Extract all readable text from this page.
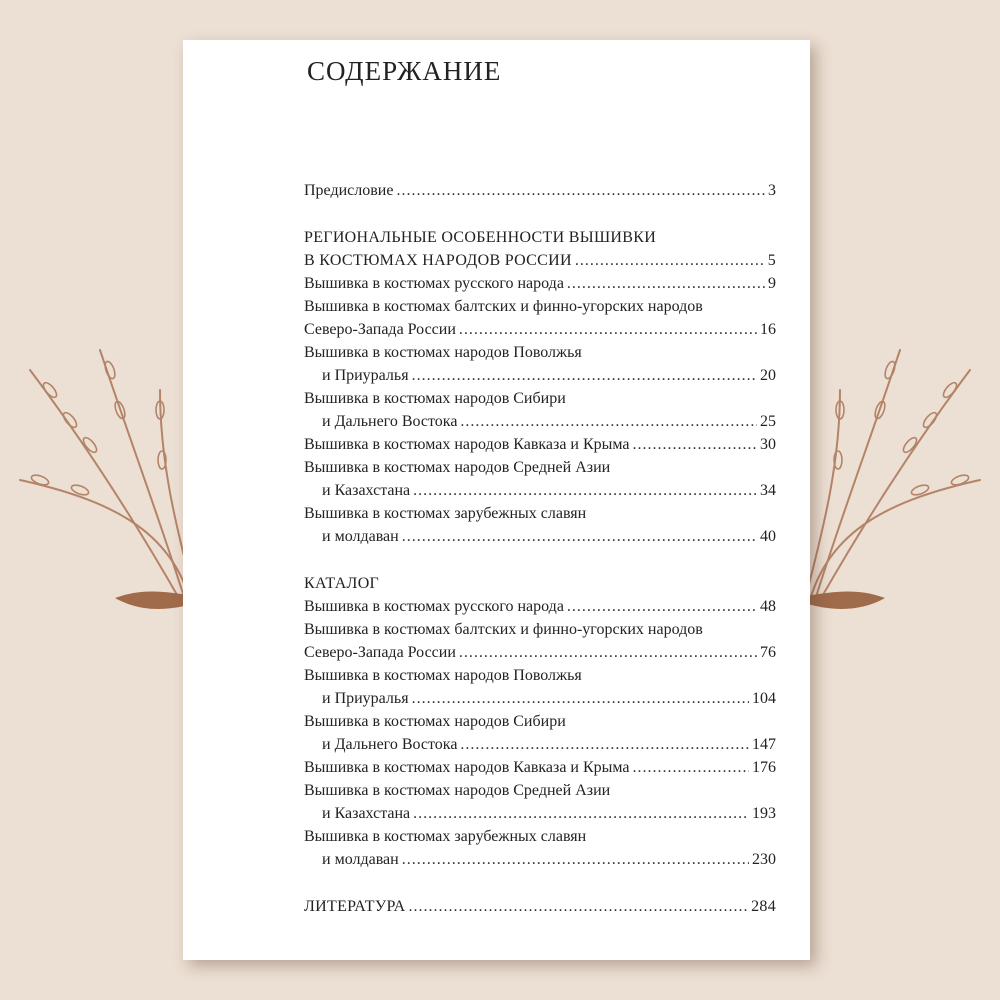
СОДЕРЖАНИЕ
Предисловие .....	3
РЕГИОНАЛЬНЫЕ ОСОБЕННОСТИ ВЫШИВКИ
В КОСТЮМАХ НАРОДОВ РОССИИ .....	5
Вышивка в костюмах русского народа .....	9
Вышивка в костюмах балтских и финно-угорских народов
Северо-Запада России .....	16
Вышивка в костюмах народов Поволжья
и Приуралья .....	20
Вышивка в костюмах народов Сибири
и Дальнего Востока .....	25
Вышивка в костюмах народов Кавказа и Крыма .....	30
Вышивка в костюмах народов Средней Азии
и Казахстана .....	34
Вышивка в костюмах зарубежных славян
и молдаван .....	40
КАТАЛОГ
Вышивка в костюмах русского народа .....	48
Вышивка в костюмах балтских и финно-угорских народов
Северо-Запада России .....	76
Вышивка в костюмах народов Поволжья
и Приуралья .....	104
Вышивка в костюмах народов Сибири
и Дальнего Востока .....	147
Вышивка в костюмах народов Кавказа и Крыма .....	176
Вышивка в костюмах народов Средней Азии
и Казахстана .....	193
Вышивка в костюмах зарубежных славян
и молдаван .....	230
ЛИТЕРАТУРА .....	284
